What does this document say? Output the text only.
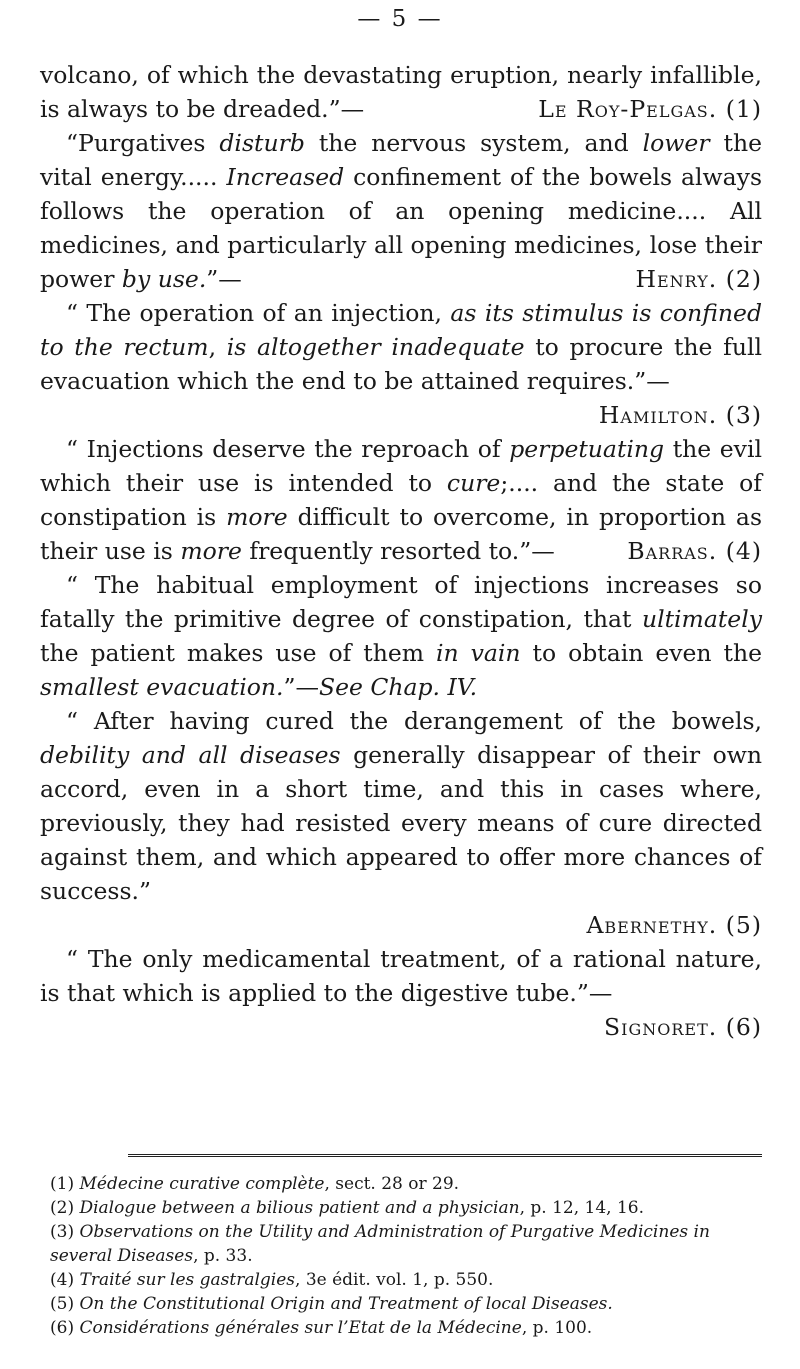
— 5 —

volcano, of which the devastating eruption, nearly infallible, is always to be dreaded.”—	Le Roy-Pelgas. (1)

“Purgatives disturb the nervous system, and lower the vital energy..... Increased confinement of the bowels always follows the operation of an opening medicine.... All medicines, and particularly all opening medicines, lose their power by use.”—	Henry. (2)

“ The operation of an injection, as its stimulus is confined to the rectum, is altogether inadequate to procure the full evacuation which the end to be attained requires.”—

Hamilton. (3)

“ Injections deserve the reproach of perpetuating the evil which their use is intended to cure;.... and the state of constipation is more difficult to overcome, in proportion as their use is more frequently resorted to.”—	Barras. (4)

“ The habitual employment of injections increases so fatally the primitive degree of constipation, that ultimately the patient makes use of them in vain to obtain even the smallest evacuation.”—See Chap. IV.

“ After having cured the derangement of the bowels, debility and all diseases generally disappear of their own accord, even in a short time, and this in cases where, previously, they had resisted every means of cure directed against them, and which appeared to offer more chances of success.”

Abernethy. (5)

“ The only medicamental treatment, of a rational nature, is that which is applied to the digestive tube.”—

Signoret. (6)

(1) Médecine curative complète, sect. 28 or 29.

(2) Dialogue between a bilious patient and a physician, p. 12, 14, 16.

(3) Observations on the Utility and Administration of Purgative Medicines in several Diseases, p. 33.

(4) Traité sur les gastralgies, 3e édit. vol. 1, p. 550.

(5) On the Constitutional Origin and Treatment of local Diseases.

(6) Considérations générales sur l’Etat de la Médecine, p. 100.
